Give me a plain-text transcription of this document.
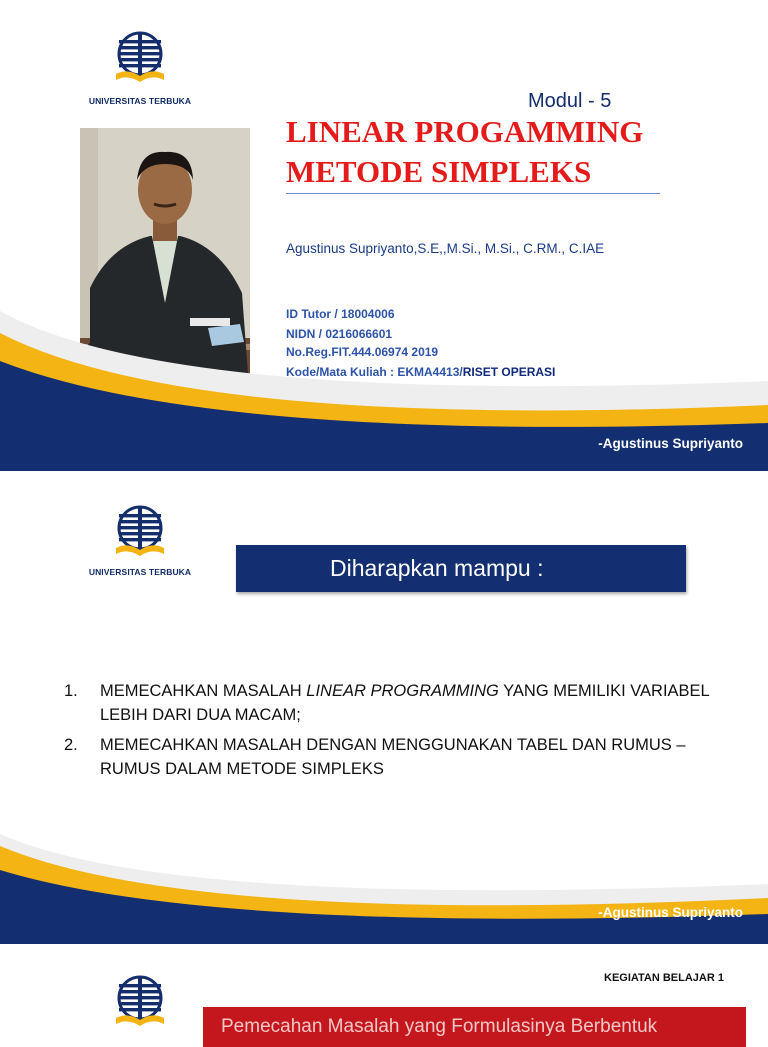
UNIVERSITAS TERBUKA	Modul - 5
LINEAR PROGAMMING
METODE SIMPLEKS
Agustinus Supriyanto,S.E,,M.Si., M.Si., C.RM., C.IAE
ID Tutor / 18004006
NIDN / 0216066601
No.Reg.FIT.444.06974 2019
Kode/Mata Kuliah : EKMA4413/RISET OPERASI
-Agustinus Supriyanto
UNIVERSITAS TERBUKA	Diharapkan mampu :
1. MEMECAHKAN MASALAH LINEAR PROGRAMMING YANG MEMILIKI VARIABEL LEBIH DARI DUA MACAM;
2. MEMECAHKAN MASALAH DENGAN MENGGUNAKAN TABEL DAN RUMUS – RUMUS DALAM METODE SIMPLEKS
-Agustinus Supriyanto
KEGIATAN BELAJAR 1
Pemecahan Masalah yang Formulasinya Berbentuk
